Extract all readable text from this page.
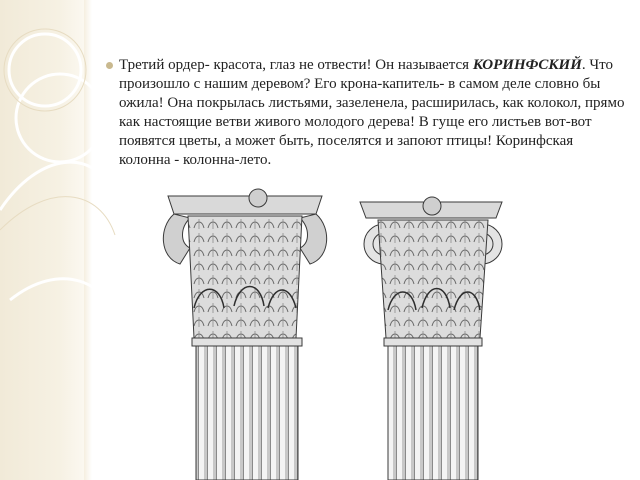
Третий ордер- красота, глаз не отвести! Он называется КОРИНФСКИЙ. Что произошло с нашим деревом? Его крона-капитель- в самом деле словно бы ожила! Она покрылась листьями, зазеленела, расширилась, как колокол, прямо как настоящие ветви живого молодого дерева! В гуще его листьев вот-вот появятся цветы, а может быть, поселятся и запоют птицы! Коринфская колонна - колонна-лето.
